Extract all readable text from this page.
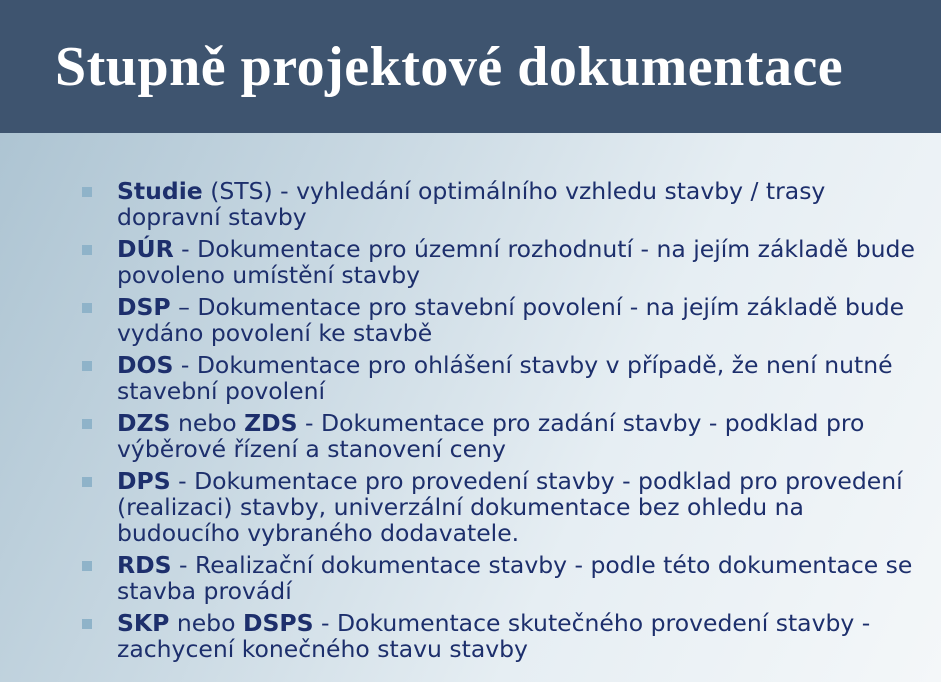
Stupně projektové dokumentace
Studie (STS) - vyhledání optimálního vzhledu stavby / trasy dopravní stavby
DÚR - Dokumentace pro územní rozhodnutí - na jejím základě bude povoleno umístění stavby
DSP – Dokumentace pro stavební povolení - na jejím základě bude vydáno povolení ke stavbě
DOS - Dokumentace pro ohlášení stavby v případě, že není nutné stavební povolení
DZS nebo ZDS - Dokumentace pro zadání stavby - podklad pro výběrové řízení a stanovení ceny
DPS - Dokumentace pro provedení stavby - podklad pro provedení (realizaci) stavby, univerzální dokumentace bez ohledu na budoucího vybraného dodavatele.
RDS - Realizační dokumentace stavby - podle této dokumentace se stavba provádí
SKP nebo DSPS - Dokumentace skutečného provedení stavby - zachycení konečného stavu stavby
